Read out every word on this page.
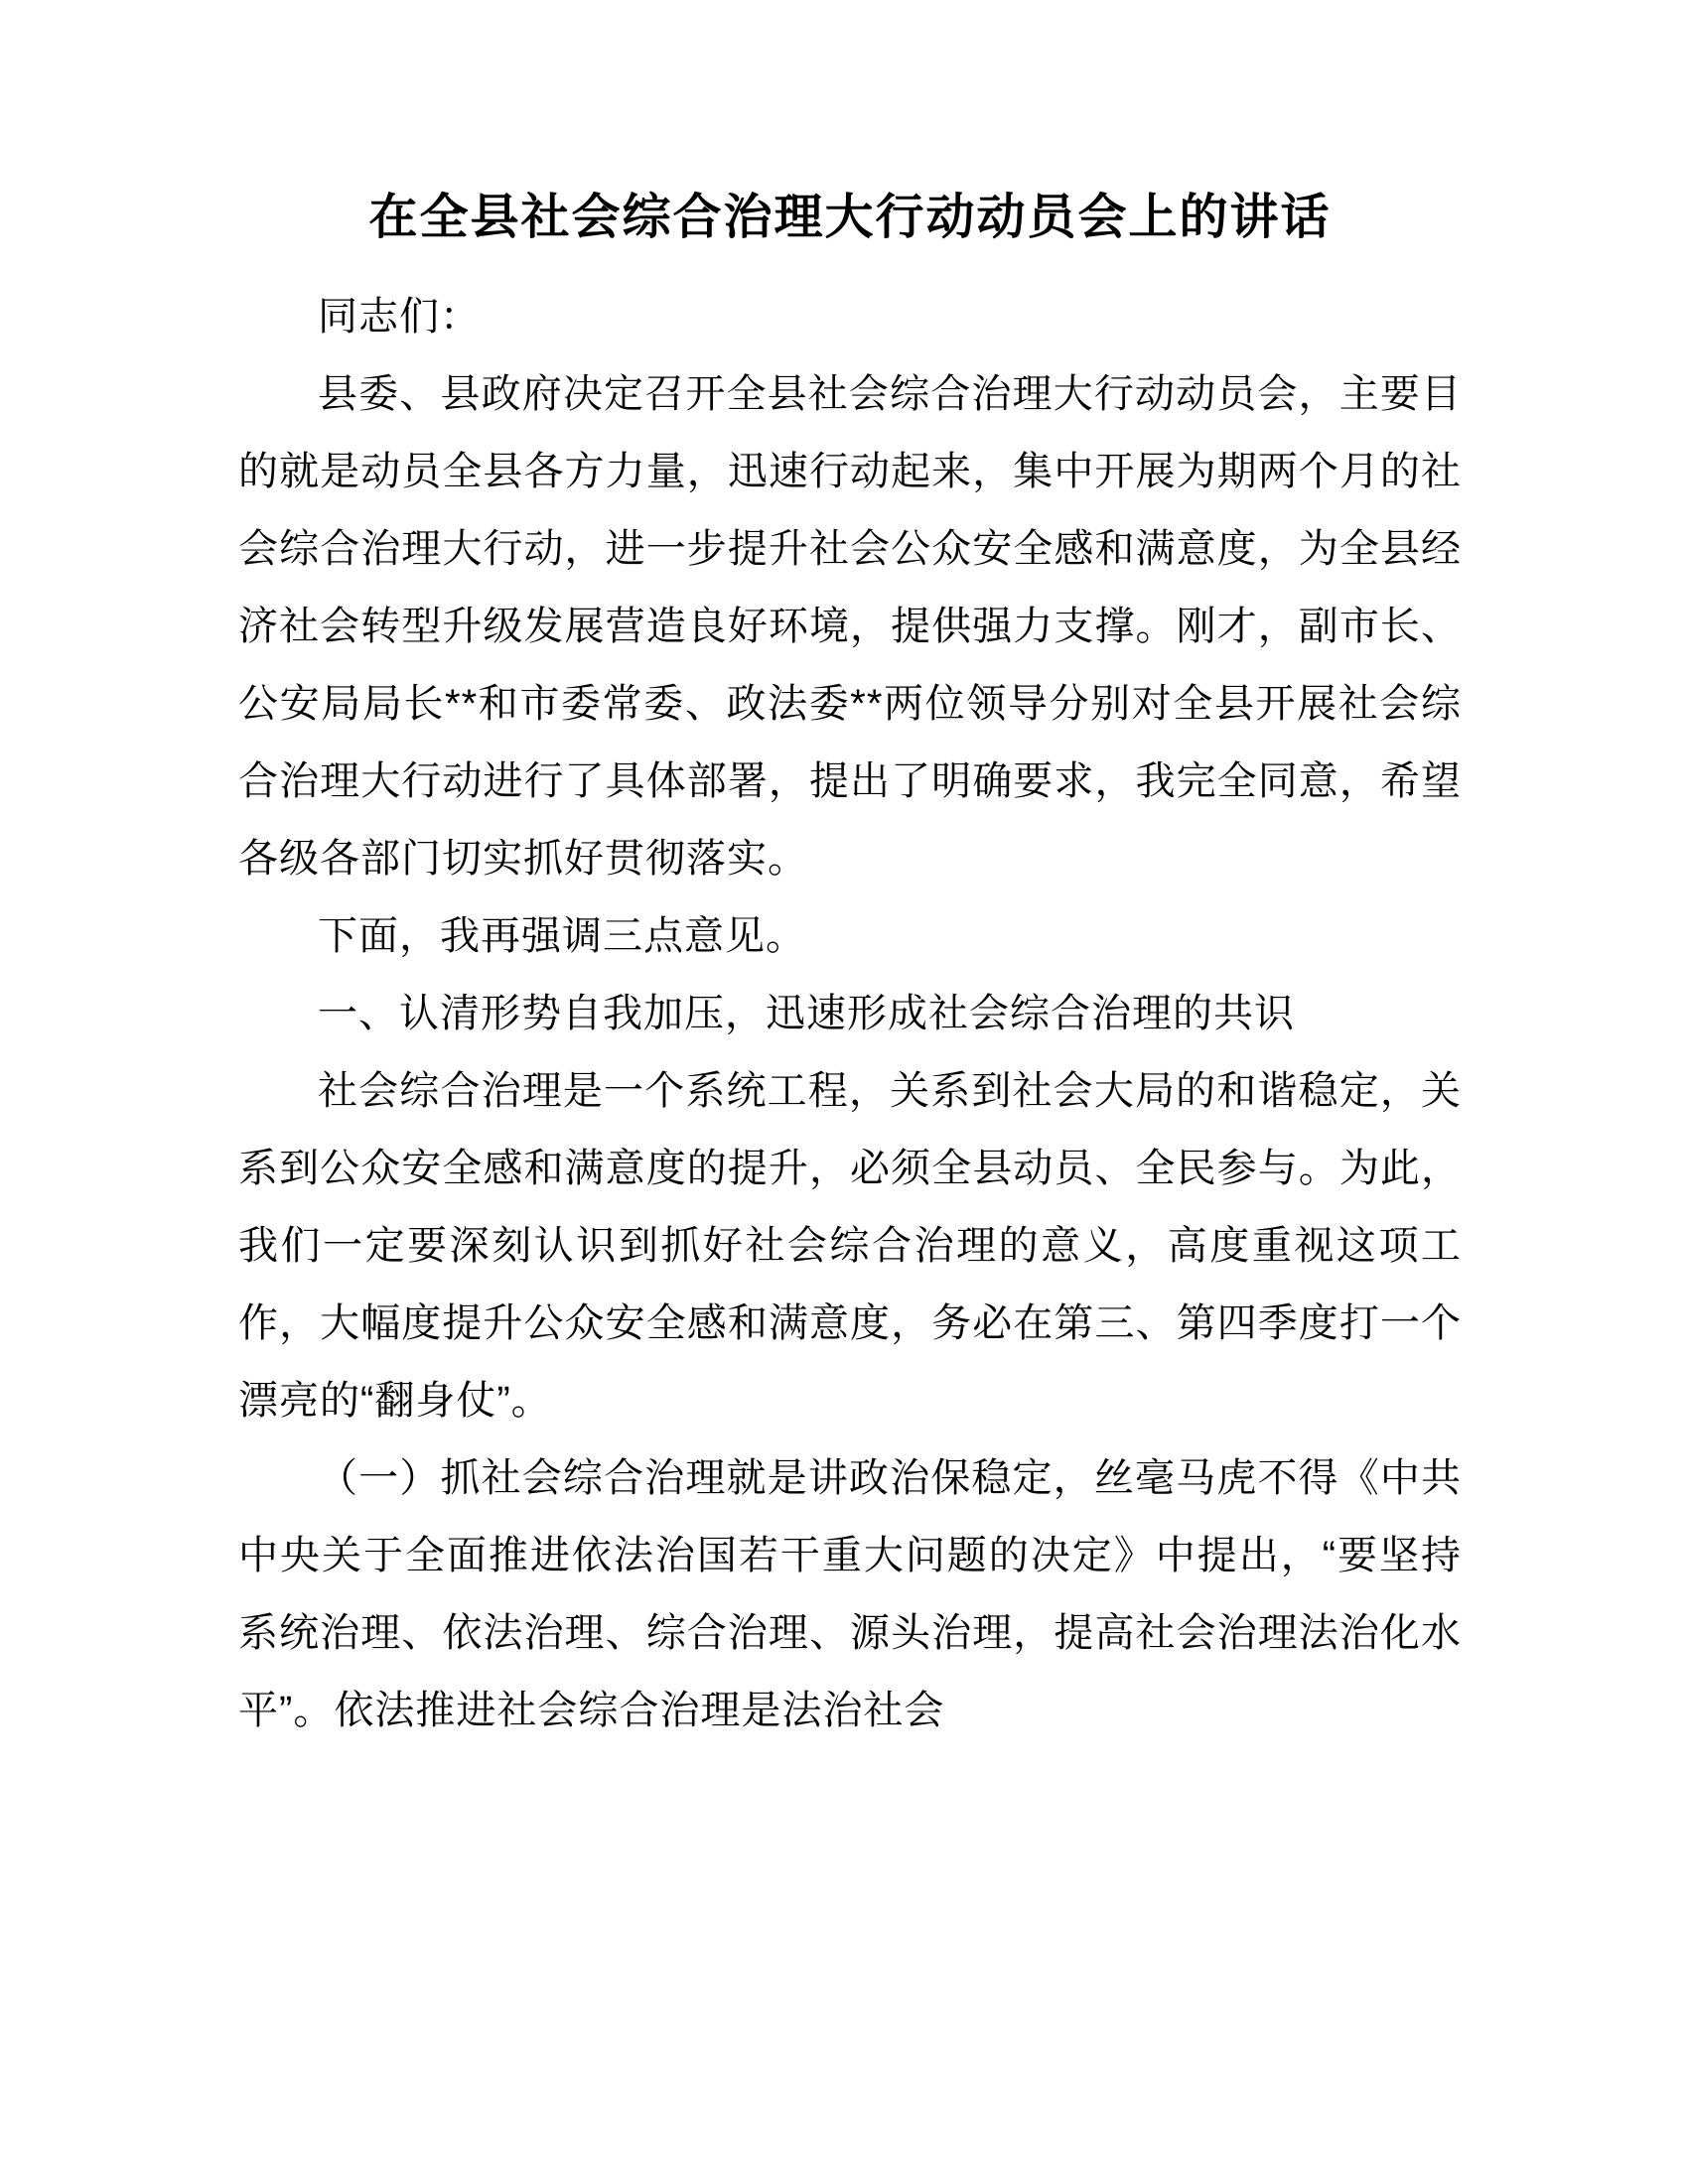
在全县社会综合治理大行动动员会上的讲话

同志们：

县委、县政府决定召开全县社会综合治理大行动动员会，主要目的就是动员全县各方力量，迅速行动起来，集中开展为期两个月的社会综合治理大行动，进一步提升社会公众安全感和满意度，为全县经济社会转型升级发展营造良好环境，提供强力支撑。刚才，副市长、公安局局长**和市委常委、政法委**两位领导分别对全县开展社会综合治理大行动进行了具体部署，提出了明确要求，我完全同意，希望各级各部门切实抓好贯彻落实。

下面，我再强调三点意见。

一、认清形势自我加压，迅速形成社会综合治理的共识

社会综合治理是一个系统工程，关系到社会大局的和谐稳定，关系到公众安全感和满意度的提升，必须全县动员、全民参与。为此，我们一定要深刻认识到抓好社会综合治理的意义，高度重视这项工作，大幅度提升公众安全感和满意度，务必在第三、第四季度打一个漂亮的“翻身仗”。

（一）抓社会综合治理就是讲政治保稳定，丝毫马虎不得《中共中央关于全面推进依法治国若干重大问题的决定》中提出，“要坚持系统治理、依法治理、综合治理、源头治理，提高社会治理法治化水平”。依法推进社会综合治理是法治社会
